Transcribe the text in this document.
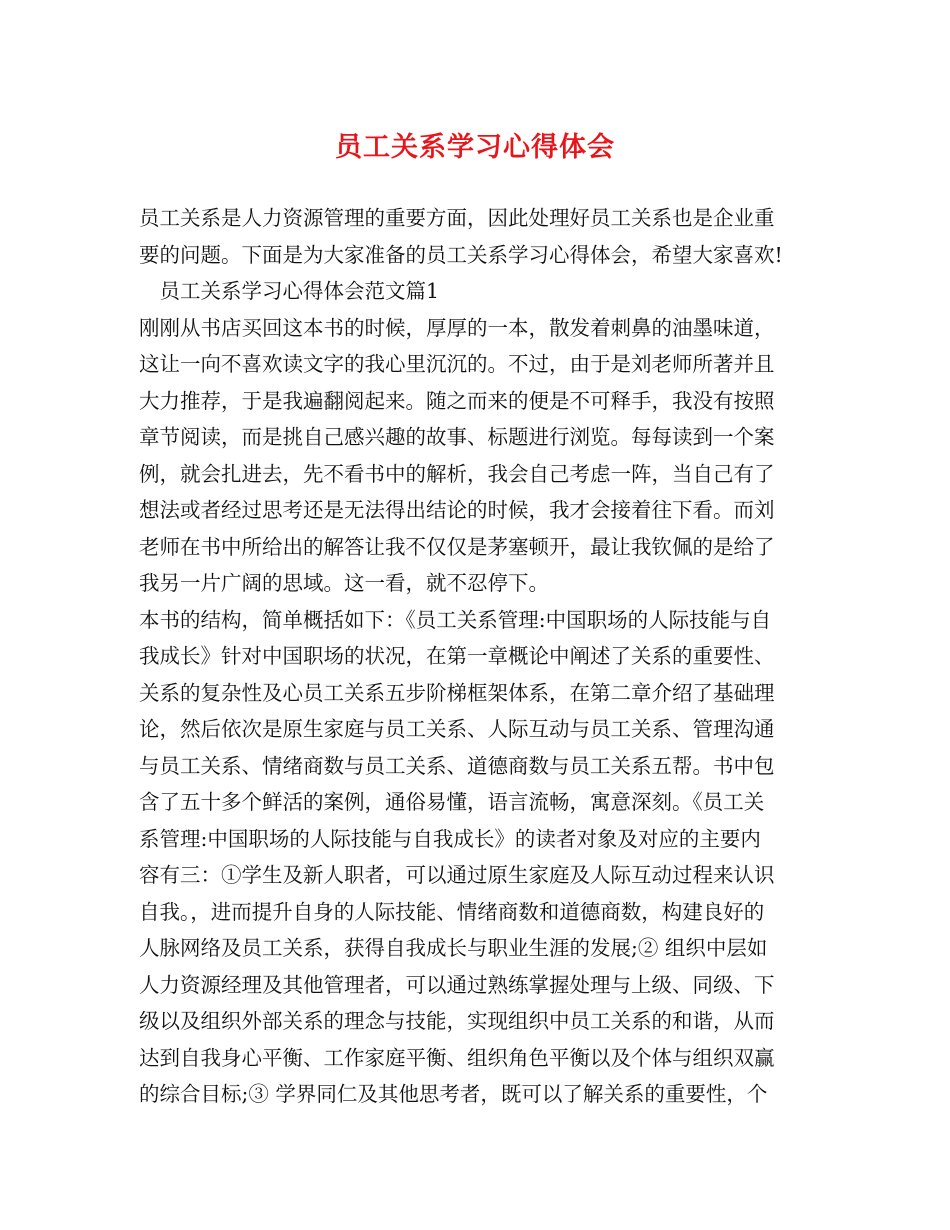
员工关系学习心得体会
员工关系是人力资源管理的重要方面，因此处理好员工关系也是企业重
要的问题。下面是为大家准备的员工关系学习心得体会，希望大家喜欢!
　员工关系学习心得体会范文篇1
刚刚从书店买回这本书的时候，厚厚的一本，散发着刺鼻的油墨味道，
这让一向不喜欢读文字的我心里沉沉的。不过，由于是刘老师所著并且
大力推荐，于是我遍翻阅起来。随之而来的便是不可释手，我没有按照
章节阅读，而是挑自己感兴趣的故事、标题进行浏览。每每读到一个案
例，就会扎进去，先不看书中的解析，我会自己考虑一阵，当自己有了
想法或者经过思考还是无法得出结论的时候，我才会接着往下看。而刘
老师在书中所给出的解答让我不仅仅是茅塞顿开，最让我钦佩的是给了
我另一片广阔的思域。这一看，就不忍停下。
本书的结构，简单概括如下：《员工关系管理:中国职场的人际技能与自
我成长》针对中国职场的状况，在第一章概论中阐述了关系的重要性、
关系的复杂性及心员工关系五步阶梯框架体系，在第二章介绍了基础理
论，然后依次是原生家庭与员工关系、人际互动与员工关系、管理沟通
与员工关系、情绪商数与员工关系、道德商数与员工关系五帮。书中包
含了五十多个鲜活的案例，通俗易懂，语言流畅，寓意深刻。《员工关
系管理:中国职场的人际技能与自我成长》的读者对象及对应的主要内
容有三：①学生及新人职者，可以通过原生家庭及人际互动过程来认识
自我。，进而提升自身的人际技能、情绪商数和道德商数，构建良好的
人脉网络及员工关系，获得自我成长与职业生涯的发展;② 组织中层如
人力资源经理及其他管理者，可以通过熟练掌握处理与上级、同级、下
级以及组织外部关系的理念与技能，实现组织中员工关系的和谐，从而
达到自我身心平衡、工作家庭平衡、组织角色平衡以及个体与组织双赢
的综合目标;③ 学界同仁及其他思考者，既可以了解关系的重要性，个
